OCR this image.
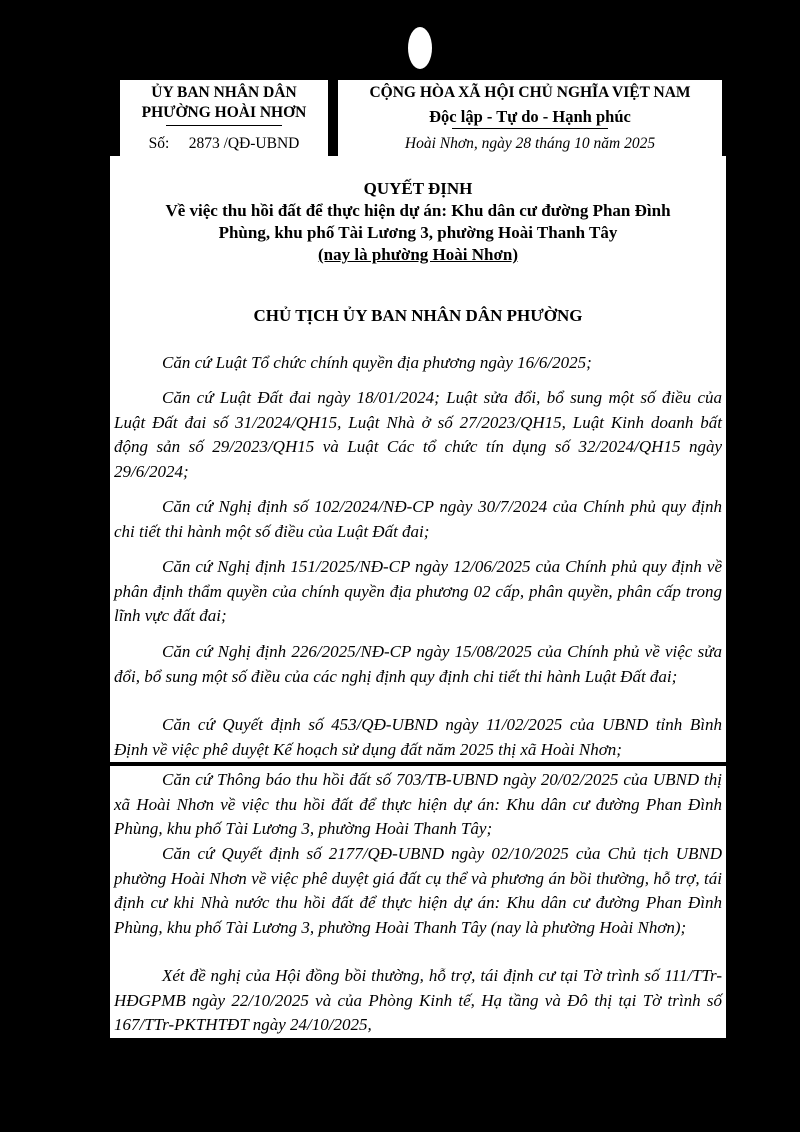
ỦY BAN NHÂN DÂN
PHƯỜNG HOÀI NHƠN
Số: 2873 /QĐ-UBND
CỘNG HÒA XÃ HỘI CHỦ NGHĨA VIỆT NAM
Độc lập - Tự do - Hạnh phúc
Hoài Nhơn, ngày 28 tháng 10 năm 2025
QUYẾT ĐỊNH
Về việc thu hồi đất để thực hiện dự án: Khu dân cư đường Phan Đình
Phùng, khu phố Tài Lương 3, phường Hoài Thanh Tây
(nay là phường Hoài Nhơn)
CHỦ TỊCH ỦY BAN NHÂN DÂN PHƯỜNG

Căn cứ Luật Tổ chức chính quyền địa phương ngày 16/6/2025;

Căn cứ Luật Đất đai ngày 18/01/2024; Luật sửa đổi, bổ sung một số điều của Luật Đất đai số 31/2024/QH15, Luật Nhà ở số 27/2023/QH15, Luật Kinh doanh bất động sản số 29/2023/QH15 và Luật Các tổ chức tín dụng số 32/2024/QH15 ngày 29/6/2024;

Căn cứ Nghị định số 102/2024/NĐ-CP ngày 30/7/2024 của Chính phủ quy định chi tiết thi hành một số điều của Luật Đất đai;

Căn cứ Nghị định 151/2025/NĐ-CP ngày 12/06/2025 của Chính phủ quy định về phân định thẩm quyền của chính quyền địa phương 02 cấp, phân quyền, phân cấp trong lĩnh vực đất đai;

Căn cứ Nghị định 226/2025/NĐ-CP ngày 15/08/2025 của Chính phủ về việc sửa đổi, bổ sung một số điều của các nghị định quy định chi tiết thi hành Luật Đất đai;

Căn cứ Quyết định số 453/QĐ-UBND ngày 11/02/2025 của UBND tỉnh Bình Định về việc phê duyệt Kế hoạch sử dụng đất năm 2025 thị xã Hoài Nhơn;

Căn cứ Thông báo thu hồi đất số 703/TB-UBND ngày 20/02/2025 của UBND thị xã Hoài Nhơn về việc thu hồi đất để thực hiện dự án: Khu dân cư đường Phan Đình Phùng, khu phố Tài Lương 3, phường Hoài Thanh Tây;

Căn cứ Quyết định số 2177/QĐ-UBND ngày 02/10/2025 của Chủ tịch UBND phường Hoài Nhơn về việc phê duyệt giá đất cụ thể và phương án bồi thường, hỗ trợ, tái định cư khi Nhà nước thu hồi đất để thực hiện dự án: Khu dân cư đường Phan Đình Phùng, khu phố Tài Lương 3, phường Hoài Thanh Tây (nay là phường Hoài Nhơn);

Xét đề nghị của Hội đồng bồi thường, hỗ trợ, tái định cư tại Tờ trình số 111/TTr-HĐGPMB ngày 22/10/2025 và của Phòng Kinh tế, Hạ tầng và Đô thị tại Tờ trình số 167/TTr-PKTHTĐT ngày 24/10/2025,
